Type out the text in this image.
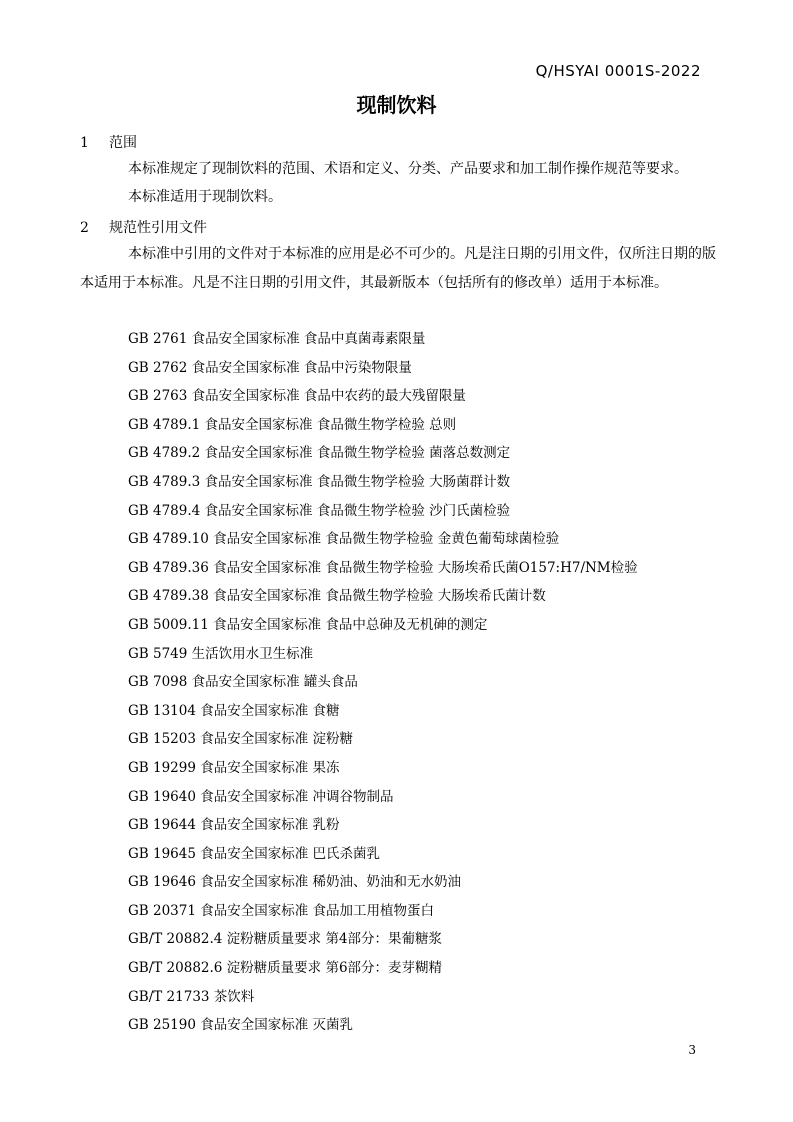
Q/HSYAI 0001S-2022
现制饮料
1 范围

本标准规定了现制饮料的范围、术语和定义、分类、产品要求和加工制作操作规范等要求。

本标准适用于现制饮料。

2 规范性引用文件

本标准中引用的文件对于本标准的应用是必不可少的。凡是注日期的引用文件，仅所注日期的版本适用于本标准。凡是不注日期的引用文件，其最新版本（包括所有的修改单）适用于本标准。

GB 2761 食品安全国家标准 食品中真菌毒素限量
GB 2762 食品安全国家标准 食品中污染物限量
GB 2763 食品安全国家标准 食品中农药的最大残留限量
GB 4789.1 食品安全国家标准 食品微生物学检验 总则
GB 4789.2 食品安全国家标准 食品微生物学检验 菌落总数测定
GB 4789.3 食品安全国家标准 食品微生物学检验 大肠菌群计数
GB 4789.4 食品安全国家标准 食品微生物学检验 沙门氏菌检验
GB 4789.10 食品安全国家标准 食品微生物学检验 金黄色葡萄球菌检验
GB 4789.36 食品安全国家标准 食品微生物学检验 大肠埃希氏菌O157:H7/NM检验
GB 4789.38 食品安全国家标准 食品微生物学检验 大肠埃希氏菌计数
GB 5009.11 食品安全国家标准 食品中总砷及无机砷的测定
GB 5749 生活饮用水卫生标准
GB 7098 食品安全国家标准 罐头食品
GB 13104 食品安全国家标准 食糖
GB 15203 食品安全国家标准 淀粉糖
GB 19299 食品安全国家标准 果冻
GB 19640 食品安全国家标准 冲调谷物制品
GB 19644 食品安全国家标准 乳粉
GB 19645 食品安全国家标准 巴氏杀菌乳
GB 19646 食品安全国家标准 稀奶油、奶油和无水奶油
GB 20371 食品安全国家标准 食品加工用植物蛋白
GB/T 20882.4 淀粉糖质量要求 第4部分：果葡糖浆
GB/T 20882.6 淀粉糖质量要求 第6部分：麦芽糊精
GB/T 21733 茶饮料
GB 25190 食品安全国家标准 灭菌乳
3
